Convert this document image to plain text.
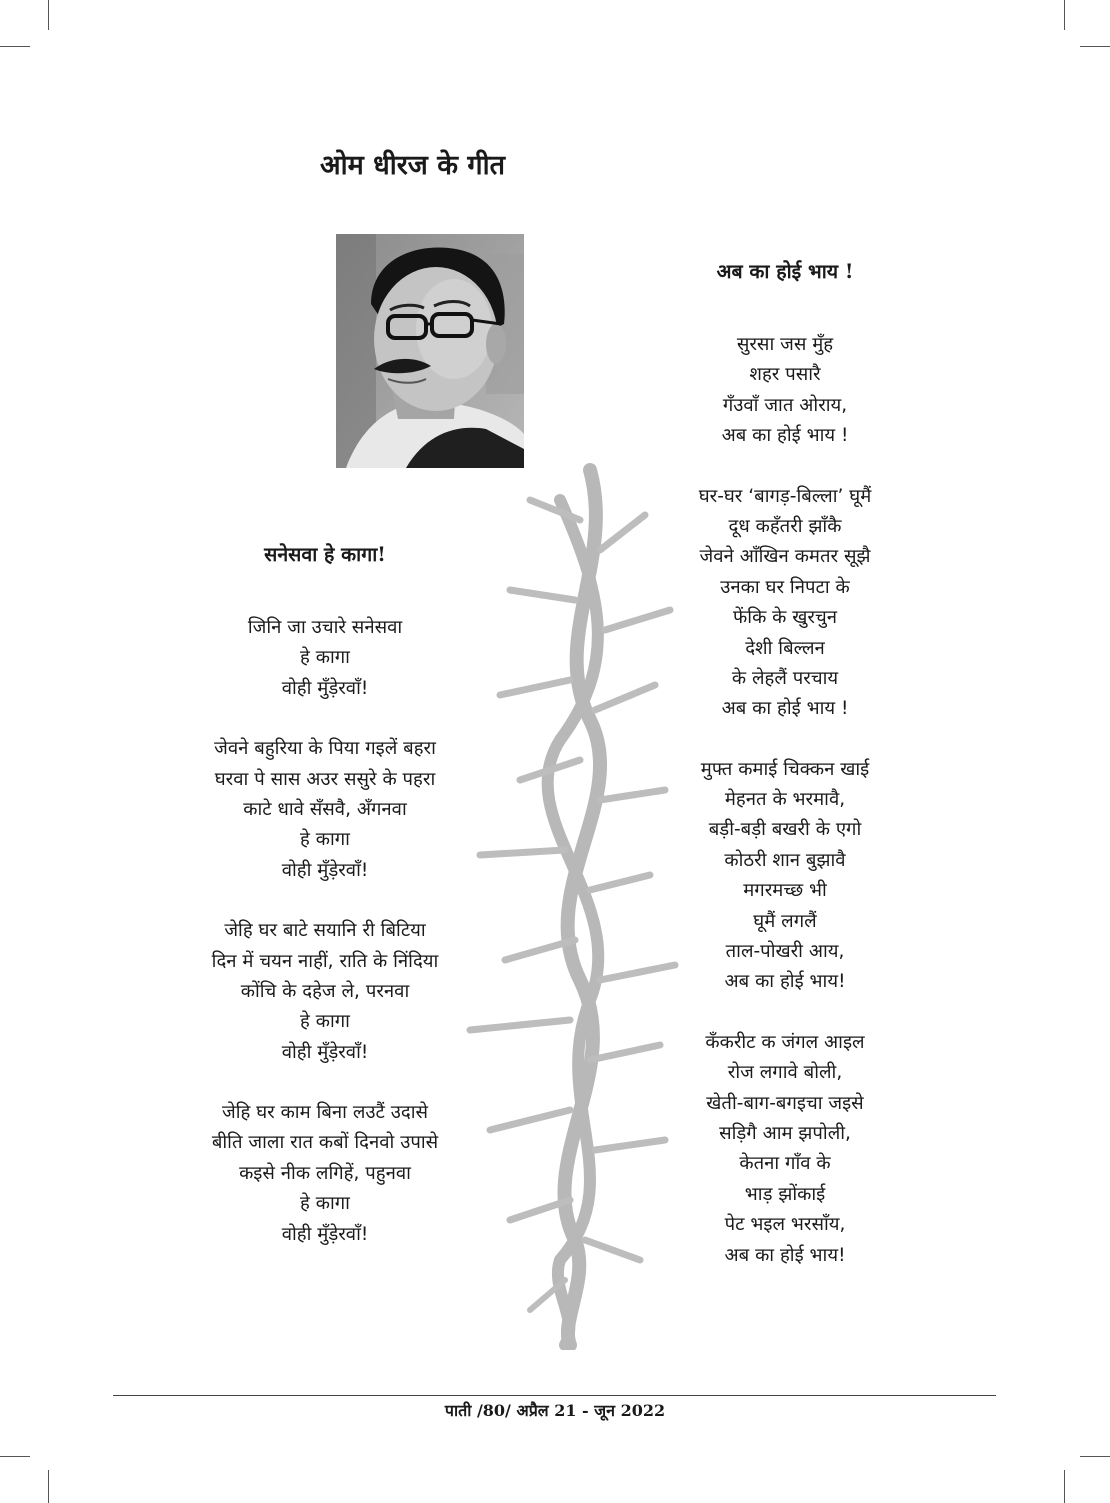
ओम धीरज के गीत
सनेसवा हे कागा!
जिनि जा उचारे सनेसवा
हे कागा
वोही मुँड़ेरवाँ!
जेवने बहुरिया के पिया गइलें बहरा
घरवा पे सास अउर ससुरे के पहरा
काटे धावे सँसवै, अँगनवा
हे कागा
वोही मुँड़ेरवाँ!
जेहि घर बाटे सयानि री बिटिया
दिन में चयन नाहीं, राति के निंदिया
कोंचि के दहेज ले, परनवा
हे कागा
वोही मुँड़ेरवाँ!
जेहि घर काम बिना लउटैं उदासे
बीति जाला रात कबों दिनवो उपासे
कइसे नीक लगिहें, पहुनवा
हे कागा
वोही मुँड़ेरवाँ!
अब का होई भाय !
सुरसा जस मुँह
शहर पसारै
गँउवाँ जात ओराय,
अब का होई भाय !
घर-घर ‘बागड़-बिल्ला’ घूमैं
दूध कहँतरी झाँकै
जेवने आँखिन कमतर सूझै
उनका घर निपटा के
फेंकि के खुरचुन
देशी बिल्लन
के लेहलैं परचाय
अब का होई भाय !
मुफ्त कमाई चिक्कन खाई
मेहनत के भरमावै,
बड़ी-बड़ी बखरी के एगो
कोठरी शान बुझावै
मगरमच्छ भी
घूमैं लगलैं
ताल-पोखरी आय,
अब का होई भाय!
कँकरीट क जंगल आइल
रोज लगावे बोली,
खेती-बाग-बगइचा जइसे
सड़िगै आम झपोली,
केतना गाँव के
भाड़ झोंकाई
पेट भइल भरसाँय,
अब का होई भाय!
पाती /80/ अप्रैल 21 - जून 2022
